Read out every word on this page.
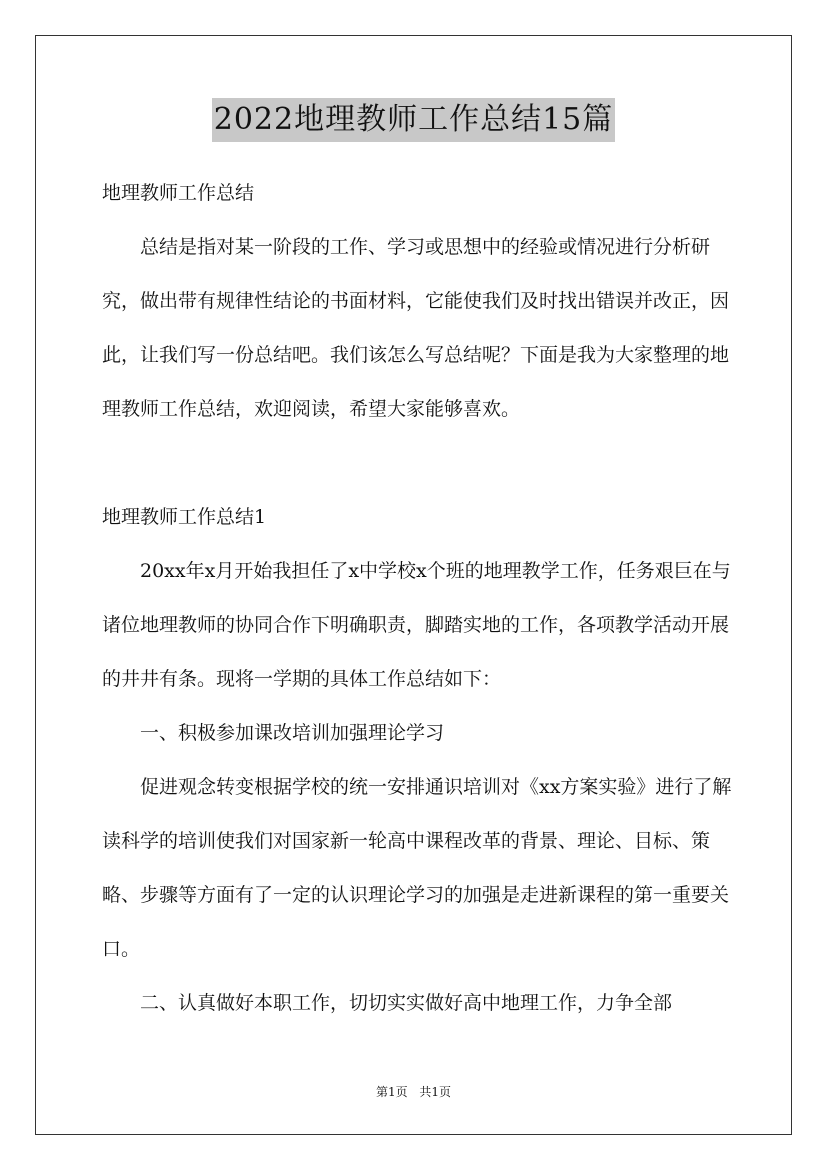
2022地理教师工作总结15篇

地理教师工作总结

总结是指对某一阶段的工作、学习或思想中的经验或情况进行分析研究，做出带有规律性结论的书面材料，它能使我们及时找出错误并改正，因此，让我们写一份总结吧。我们该怎么写总结呢？下面是我为大家整理的地理教师工作总结，欢迎阅读，希望大家能够喜欢。

地理教师工作总结1

20xx年x月开始我担任了x中学校x个班的地理教学工作，任务艰巨在与诸位地理教师的协同合作下明确职责，脚踏实地的工作，各项教学活动开展的井井有条。现将一学期的具体工作总结如下：

一、积极参加课改培训加强理论学习

促进观念转变根据学校的统一安排通识培训对《xx方案实验》进行了解读科学的培训使我们对国家新一轮高中课程改革的背景、理论、目标、策略、步骤等方面有了一定的认识理论学习的加强是走进新课程的第一重要关口。

二、认真做好本职工作，切切实实做好高中地理工作，力争全部

第1页 共1页
